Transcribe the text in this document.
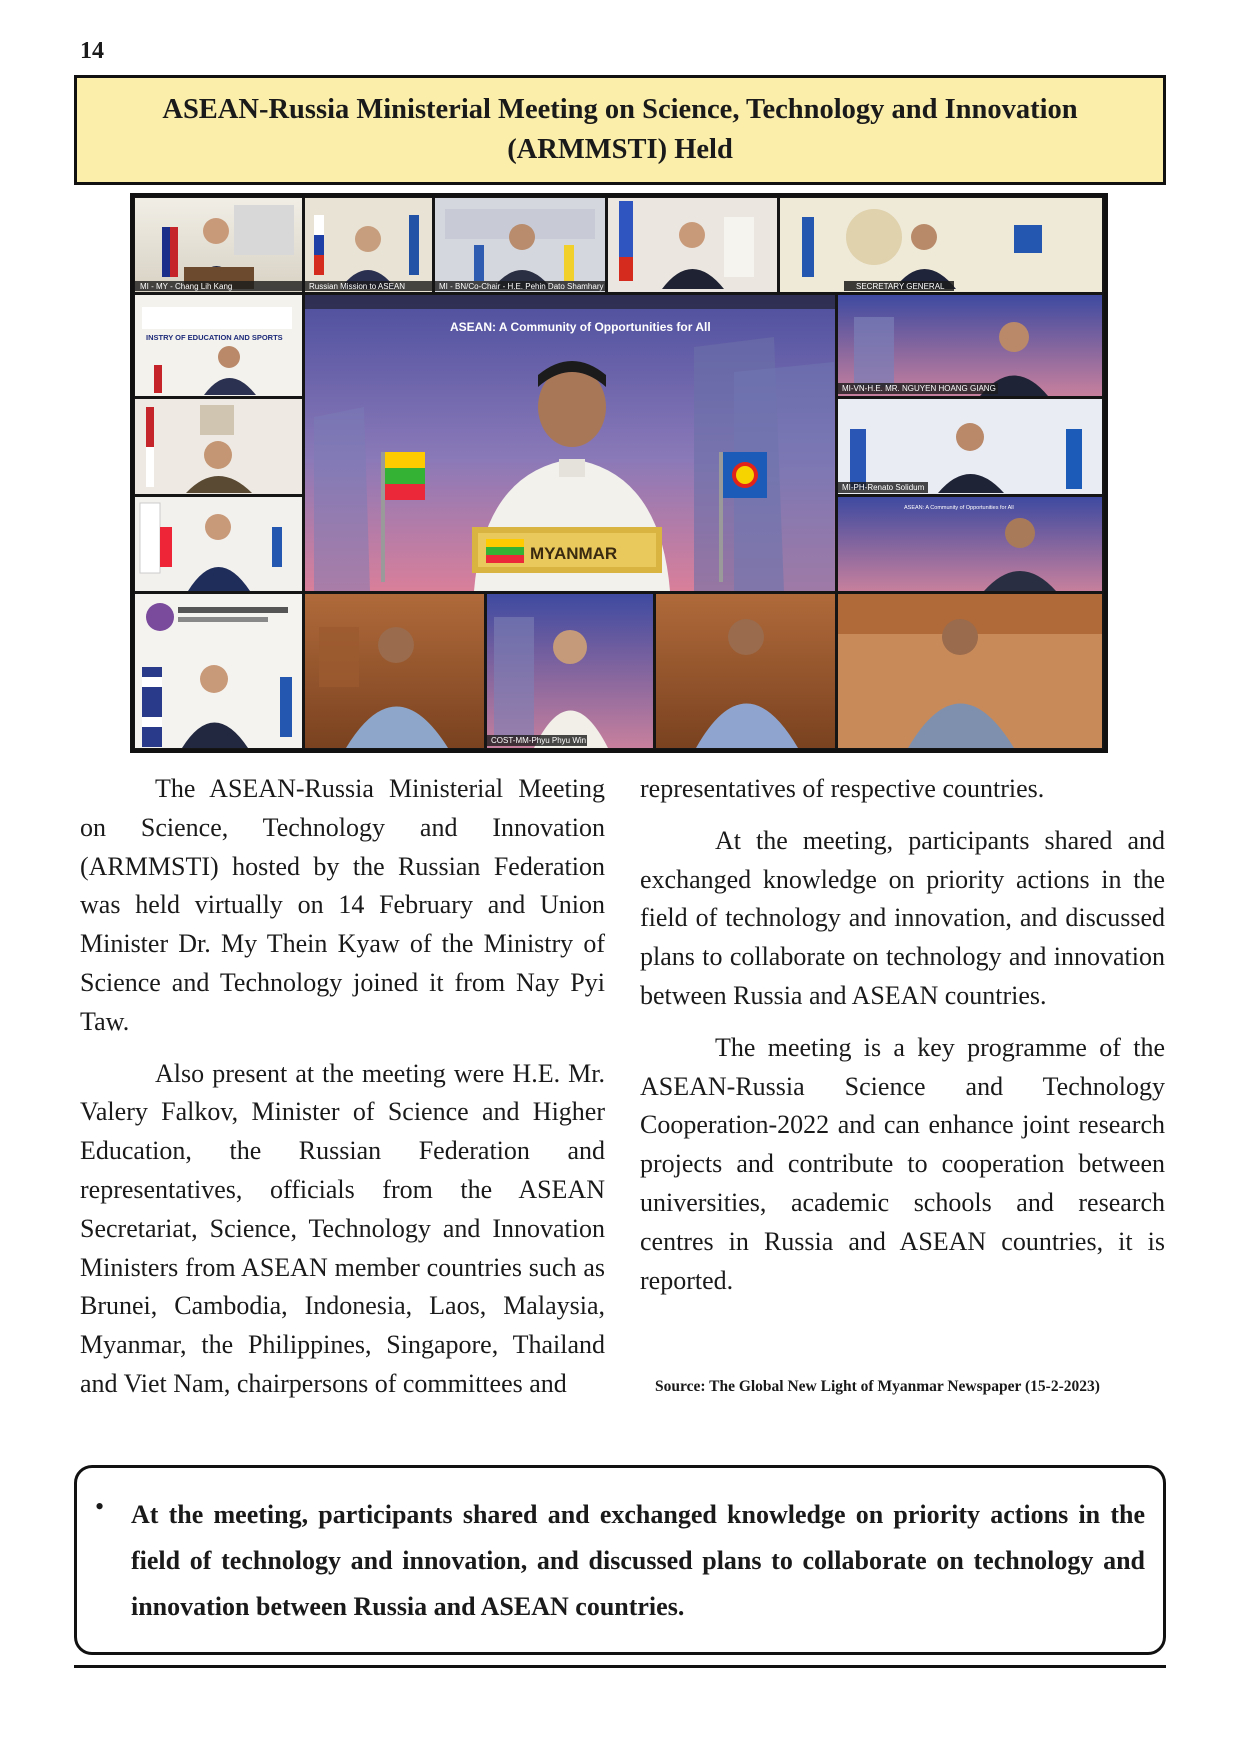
14
ASEAN-Russia Ministerial Meeting on Science, Technology and Innovation (ARMMSTI) Held
MI - MY - Chang Lih Kang	Russian Mission to ASEAN	MI - BN/Co-Chair - H.E. Pehin Dato Shamhary	SECRETARY GENERAL
INSTRY OF EDUCATION AND SPORTS
ASEAN: A Community of Opportunities for All
MYANMAR
MI-VN-H.E. MR. NGUYEN HOANG GIANG
MI-PH-Renato Solidum
ASEAN: A Community of Opportunities for All
COST-MM-Phyu Phyu Win

The ASEAN-Russia Ministerial Meeting on Science, Technology and Innovation (ARMMSTI) hosted by the Russian Federation was held virtually on 14 February and Union Minister Dr. My Thein Kyaw of the Ministry of Science and Technology joined it from Nay Pyi Taw.

Also present at the meeting were H.E. Mr. Valery Falkov, Minister of Science and Higher Education, the Russian Federation and representatives, officials from the ASEAN Secretariat, Science, Technology and Innovation Ministers from ASEAN member countries such as Brunei, Cambodia, Indonesia, Laos, Malaysia, Myanmar, the Philippines, Singapore, Thailand and Viet Nam, chairpersons of committees and

representatives of respective countries.

At the meeting, participants shared and exchanged knowledge on priority actions in the field of technology and innovation, and discussed plans to collaborate on technology and innovation between Russia and ASEAN countries.

The meeting is a key programme of the ASEAN-Russia Science and Technology Cooperation-2022 and can enhance joint research projects and contribute to cooperation between universities, academic schools and research centres in Russia and ASEAN countries, it is reported.

Source: The Global New Light of Myanmar Newspaper (15-2-2023)
• At the meeting, participants shared and exchanged knowledge on priority actions in the field of technology and innovation, and discussed plans to collaborate on technology and innovation between Russia and ASEAN countries.
